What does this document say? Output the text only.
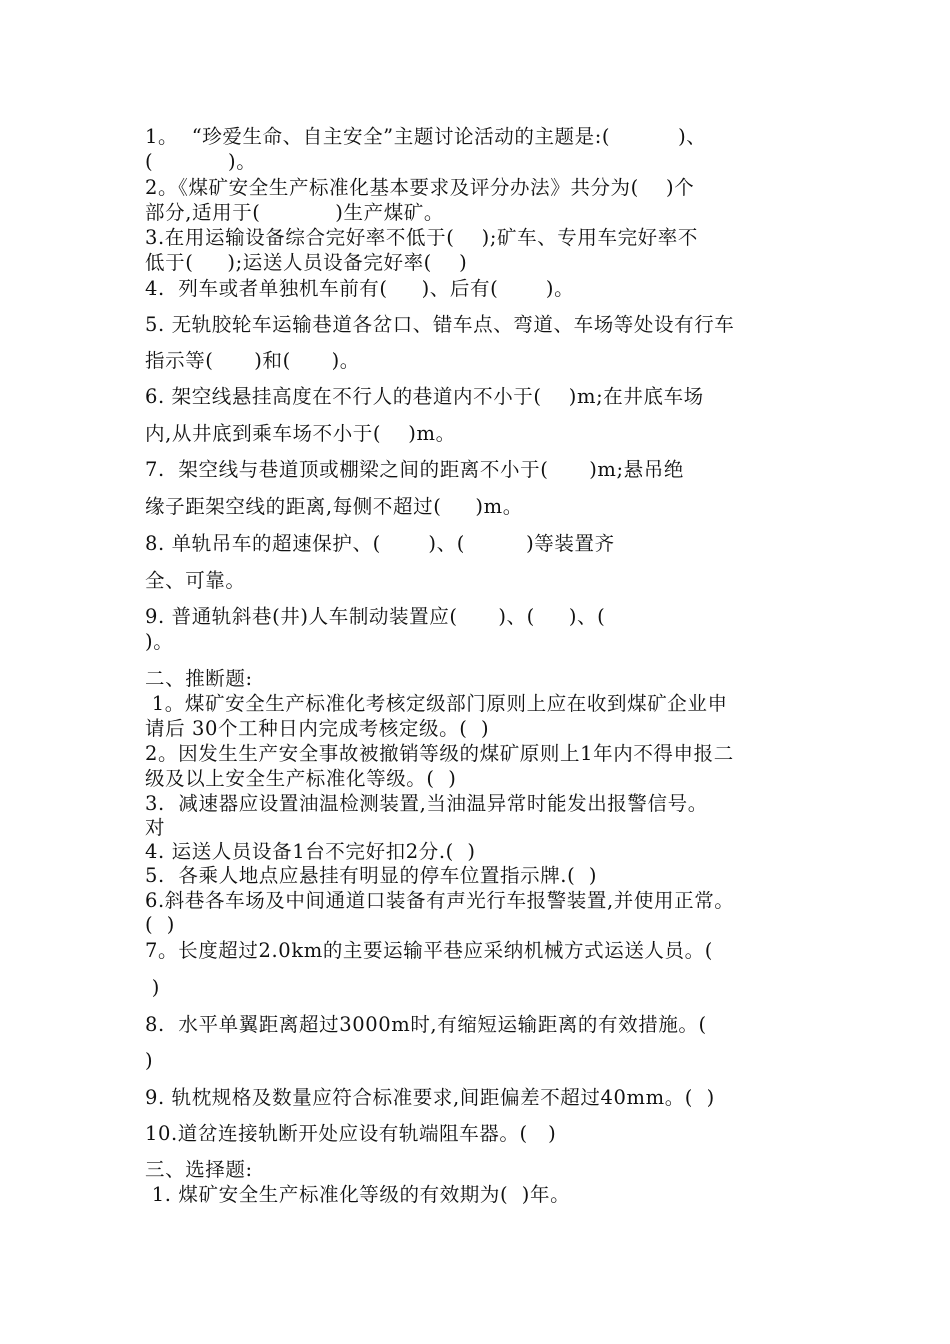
1。  “珍爱生命、自主安全”主题讨论活动的主题是:(          )、

(           )。

2。《煤矿安全生产标准化基本要求及评分办法》共分为(    )个

部分,适用于(           )生产煤矿。

3.在用运输设备综合完好率不低于(    );矿车、专用车完好率不

低于(     );运送人员设备完好率(    )

4.  列车或者单独机车前有(     )、后有(       )。

5. 无轨胶轮车运输巷道各岔口、错车点、弯道、车场等处设有行车

指示等(      )和(      )。

6. 架空线悬挂高度在不行人的巷道内不小于(    )m;在井底车场

内,从井底到乘车场不小于(    )m。

7.  架空线与巷道顶或棚梁之间的距离不小于(      )m;悬吊绝

缘子距架空线的距离,每侧不超过(     )m。

8. 单轨吊车的超速保护、(       )、(         )等装置齐

全、可靠。

9. 普通轨斜巷(井)人车制动装置应(      )、(     )、(

)。

二、推断题:

1。煤矿安全生产标准化考核定级部门原则上应在收到煤矿企业申

请后 30个工种日内完成考核定级。(  )

2。因发生生产安全事故被撤销等级的煤矿原则上1年内不得申报二

级及以上安全生产标准化等级。(  )

3.  减速器应设置油温检测装置,当油温异常时能发出报警信号。

对

4. 运送人员设备1台不完好扣2分.(  )

5.  各乘人地点应悬挂有明显的停车位置指示牌.(  )

6.斜巷各车场及中间通道口装备有声光行车报警装置,并使用正常。

(  )

7。长度超过2.0km的主要运输平巷应采纳机械方式运送人员。(

)

8.  水平单翼距离超过3000m时,有缩短运输距离的有效措施。(

)

9. 轨枕规格及数量应符合标准要求,间距偏差不超过40mm。(  )

10.道岔连接轨断开处应设有轨端阻车器。(   )

三、选择题:

1. 煤矿安全生产标准化等级的有效期为(  )年。
